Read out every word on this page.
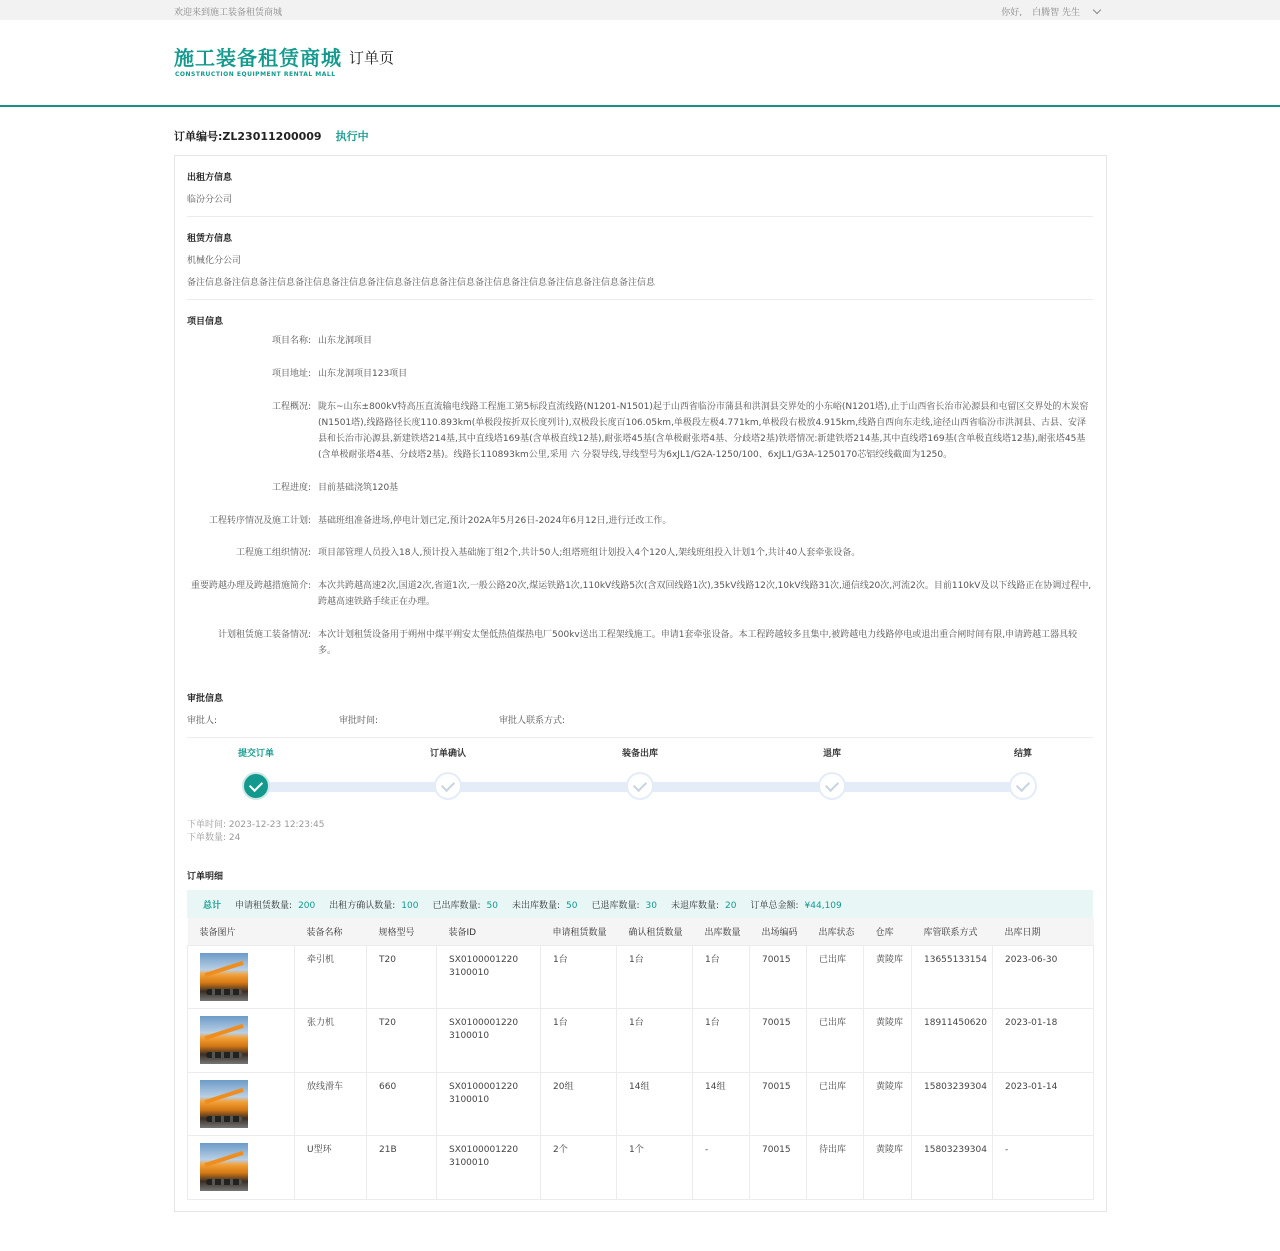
欢迎来到施工装备租赁商城	你好, 白腾智 先生
施工装备租赁商城
CONSTRUCTION EQUIPMENT RENTAL MALL
订单页
订单编号:ZL23011200009 执行中
出租方信息
临汾分公司
租赁方信息
机械化分公司
备注信息备注信息备注信息备注信息备注信息备注信息备注信息备注信息备注信息备注信息备注信息备注信息备注信息
项目信息
项目名称: 山东龙洞项目
项目地址: 山东龙洞项目123项目
工程概况: 陇东~山东±800kV特高压直流输电线路工程施工第5标段直流线路(N1201-N1501)起于山西省临汾市蒲县和洪洞县交界处的小东峪(N1201塔),止于山西省长治市沁源县和屯留区交界处的木炭窑(N1501塔),线路路径长度110.893km(单极段按折双长度列计),双极段长度百106.05km,单极段左极4.771km,单极段右极放4.915km,线路自西向东走线,途径山西省临汾市洪洞县、古县、安泽县和长治市沁源县,新建铁塔214基,其中直线塔169基(含单极直线12基),耐张塔45基(含单极耐张塔4基、分歧塔2基)铁塔情况:新建铁塔214基,其中直线塔169基(含单极直线塔12基),耐张塔45基(含单极耐张塔4基、分歧塔2基)。线路长110893km公里,采用 六 分裂导线,导线型号为6xJL1/G2A-1250/100、6xJL1/G3A-1250170芯铝绞线截面为1250。
工程进度: 目前基础浇筑120基
工程转序情况及施工计划: 基础班组准备进场,停电计划已定,预计202A年5月26日-2024年6月12日,进行迁改工作。
工程施工组织情况: 项目部管理人员投入18人,预计投入基础施丁组2个,共计50人;组塔班组计划投入4个120人,架线班组投入计划1个,共计40人套牵张设备。
重要跨越办理及跨越措施简介: 本次共跨越高速2次,国道2次,省道1次,一般公路20次,煤运铁路1次,110kV线路5次(含双回线路1次),35kV线路12次,10kV线路31次,通信线20次,河流2次。目前110kV及以下线路正在协调过程中,跨越高速铁路手续正在办理。
计划租赁施工装备情况: 本次计划租赁设备用于朔州中煤平朔安太堡低热值煤热电厂500kv送出工程架线施工。申请1套牵张设备。本工程跨越较多且集中,被跨越电力线路停电或退出重合闸时间有限,申请跨越工器具较多。
审批信息
审批人:	审批时间:	审批人联系方式:
提交订单	订单确认	装备出库	退库	结算
下单时间: 2023-12-23 12:23:45
下单数量: 24
订单明细
总计 申请租赁数量: 200 出租方确认数量: 100 已出库数量: 50 未出库数量: 50 已退库数量: 30 未退库数量: 20 订单总金额: ¥44,109
装备图片	装备名称	规格型号	装备ID	申请租赁数量	确认租赁数量	出库数量	出场编码	出库状态	仓库	库管联系方式	出库日期

	牵引机	T20	SX0100001220 3100010	1台	1台	1台	70015	已出库	黄陵库	13655133154	2023-06-30

	张力机	T20	SX0100001220 3100010	1台	1台	1台	70015	已出库	黄陵库	18911450620	2023-01-18

	放线滑车	660	SX0100001220 3100010	20组	14组	14组	70015	已出库	黄陵库	15803239304	2023-01-14

	U型环	21B	SX0100001220 3100010	2个	1个	-	70015	待出库	黄陵库	15803239304	-
